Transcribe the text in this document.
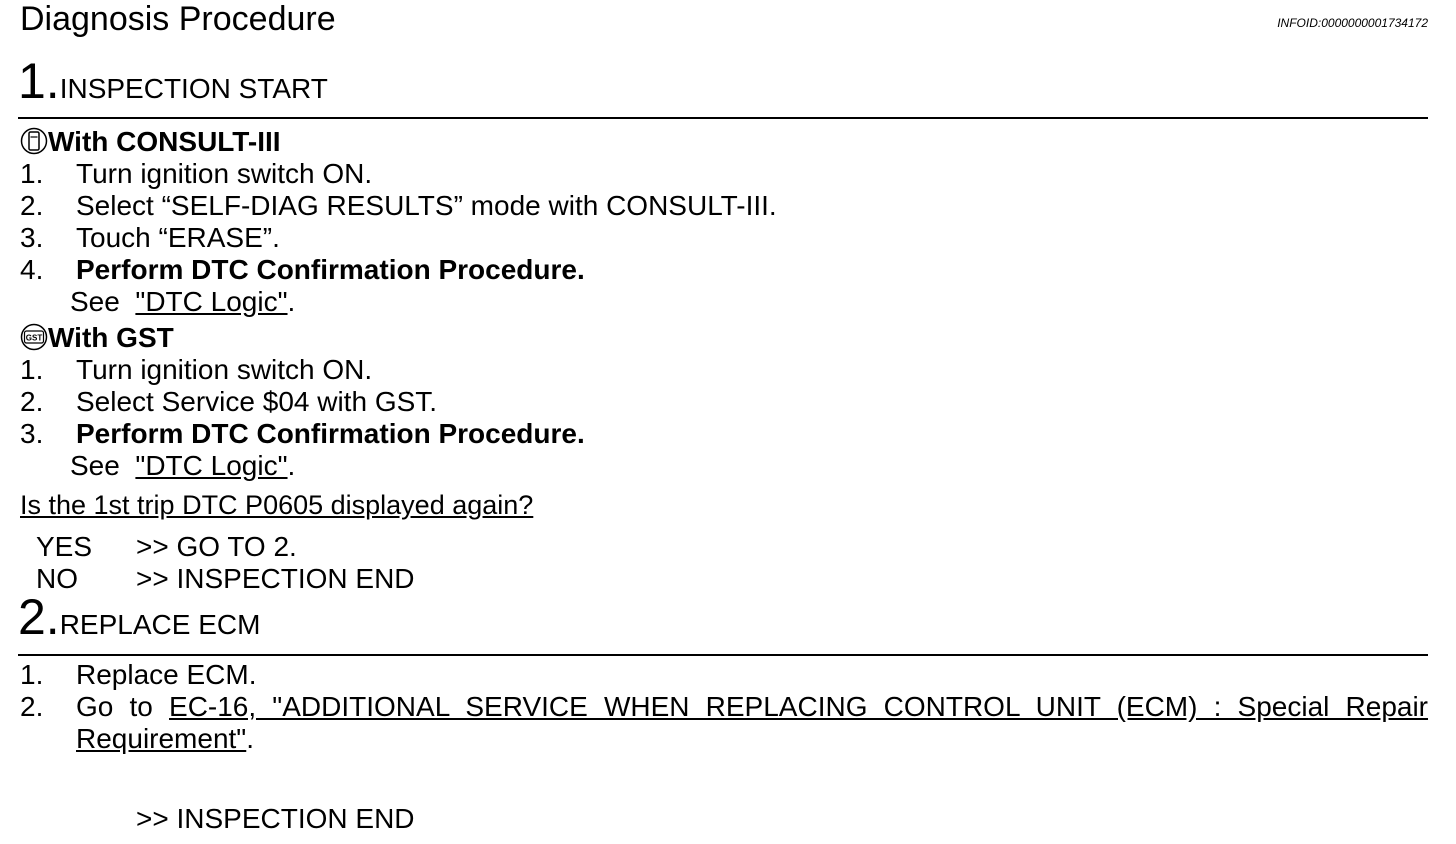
Diagnosis Procedure	INFOID:0000000001734172
1.INSPECTION START
With CONSULT-III
1. Turn ignition switch ON.
2. Select “SELF-DIAG RESULTS” mode with CONSULT-III.
3. Touch “ERASE”.
4. Perform DTC Confirmation Procedure.
See "DTC Logic".
GST With GST
1. Turn ignition switch ON.
2. Select Service $04 with GST.
3. Perform DTC Confirmation Procedure.
See "DTC Logic".
Is the 1st trip DTC P0605 displayed again?
YES >> GO TO 2.
NO >> INSPECTION END
2.REPLACE ECM
1. Replace ECM.
2. Go to EC-16, "ADDITIONAL SERVICE WHEN REPLACING CONTROL UNIT (ECM) : Special Repair Requirement".
>> INSPECTION END
